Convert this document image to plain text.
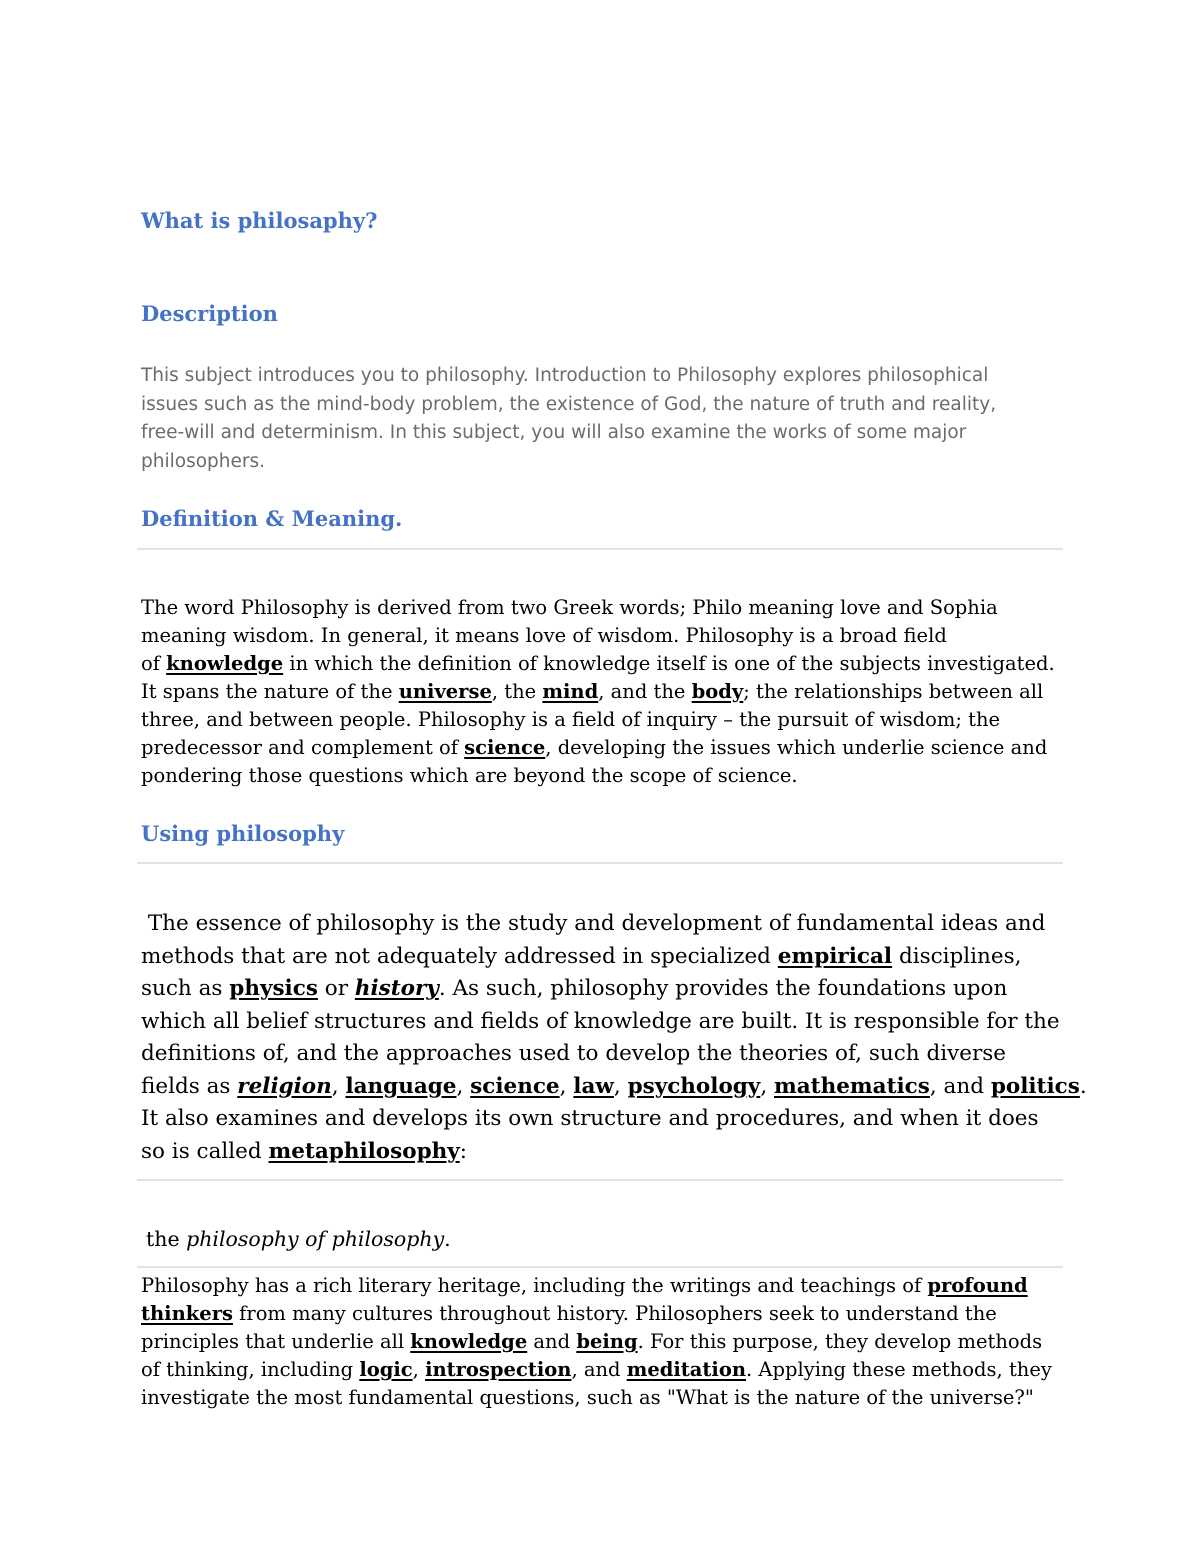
What is philosaphy?
Description
This subject introduces you to philosophy. Introduction to Philosophy explores philosophical
issues such as the mind-body problem, the existence of God, the nature of truth and reality,
free-will and determinism. In this subject, you will also examine the works of some major
philosophers.
Definition & Meaning.
The word Philosophy is derived from two Greek words; Philo meaning love and Sophia
meaning wisdom. In general, it means love of wisdom. Philosophy is a broad field
of knowledge in which the definition of knowledge itself is one of the subjects investigated.
It spans the nature of the universe, the mind, and the body; the relationships between all
three, and between people. Philosophy is a field of inquiry – the pursuit of wisdom; the
predecessor and complement of science, developing the issues which underlie science and
pondering those questions which are beyond the scope of science.
Using philosophy
The essence of philosophy is the study and development of fundamental ideas and
methods that are not adequately addressed in specialized empirical disciplines,
such as physics or history. As such, philosophy provides the foundations upon
which all belief structures and fields of knowledge are built. It is responsible for the
definitions of, and the approaches used to develop the theories of, such diverse
fields as religion, language, science, law, psychology, mathematics, and politics.
It also examines and develops its own structure and procedures, and when it does
so is called metaphilosophy:
the philosophy of philosophy.
Philosophy has a rich literary heritage, including the writings and teachings of profound
thinkers from many cultures throughout history. Philosophers seek to understand the
principles that underlie all knowledge and being. For this purpose, they develop methods
of thinking, including logic, introspection, and meditation. Applying these methods, they
investigate the most fundamental questions, such as "What is the nature of the universe?"
